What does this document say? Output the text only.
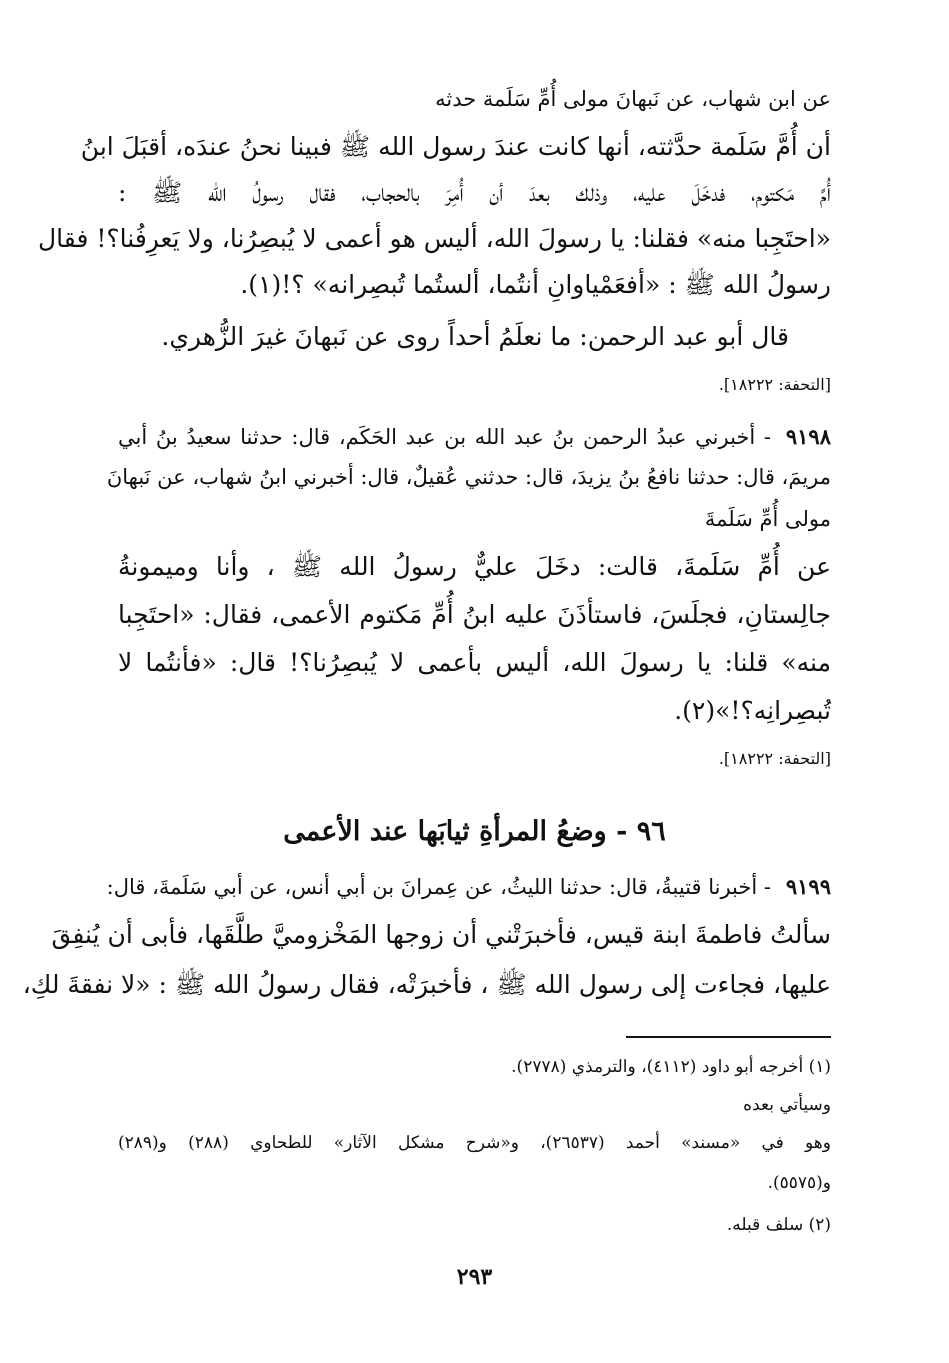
عن ابن شهاب، عن نَبهانَ مولى أُمِّ سَلَمة حدثه
أن أُمَّ سَلَمة حدَّثته، أنها كانت عندَ رسول الله ﷺ فبينا نحنُ عندَه، أقبَلَ ابنُ
أُمِّ مَكتوم، فدخَلَ عليه، وذلك بعدَ أن أُمِرَ بالحجاب، فقال رسولُ الله ﷺ :
«احتَجِبا منه» فقلنا: يا رسولَ الله، أليس هو أعمى لا يُبصِرُنا، ولا يَعرِفُنا؟! فقال
رسولُ الله ﷺ : «أفعَمْياوانِ أنتُما، ألستُما تُبصِرانه» ؟!(١).
قال أبو عبد الرحمن: ما نعلَمُ أحداً روى عن نَبهانَ غيرَ الزُّهري.
[التحفة: ١٨٢٢٢].
- أخبرني عبدُ الرحمن بنُ عبد الله بن عبد الحَكَم، قال: حدثنا سعيدُ بنُ أبي ٩١٩٨
مريمَ، قال: حدثنا نافعُ بنُ يزيدَ، قال: حدثني عُقيلٌ، قال: أخبرني ابنُ شهاب، عن نَبهانَ
مولى أُمِّ سَلَمةَ
عن أُمِّ سَلَمةَ، قالت: دخَلَ عليٌّ رسولُ الله ﷺ ، وأنا وميمونةُ
جالِستانِ، فجلَسَ، فاستأذَنَ عليه ابنُ أُمِّ مَكتوم الأعمى، فقال: «احتَجِبا
منه» قلنا: يا رسولَ الله، أليس بأعمى لا يُبصِرُنا؟! قال: «فأنتُما لا
تُبصِرانِه؟!»(٢).
[التحفة: ١٨٢٢٢].
٩٦ - وضعُ المرأةِ ثيابَها عند الأعمى
- أخبرنا قتيبةُ، قال: حدثنا الليثُ، عن عِمرانَ بن أبي أنس، عن أبي سَلَمةَ، قال: ٩١٩٩
سألتُ فاطمةَ ابنة قيس، فأخبرَتْني أن زوجها المَخْزوميَّ طلَّقَها، فأبى أن يُنفِقَ
عليها، فجاءت إلى رسول الله ﷺ ، فأخبرَتْه، فقال رسولُ الله ﷺ : «لا نفقةَ لكِ،
(١) أخرجه أبو داود (٤١١٢)، والترمذي (٢٧٧٨).
وسيأتي بعده
وهو في «مسند» أحمد (٢٦٥٣٧)، و«شرح مشكل الآثار» للطحاوي (٢٨٨) و(٢٨٩)
و(٥٥٧٥).
(٢) سلف قبله.
٢٩٣
